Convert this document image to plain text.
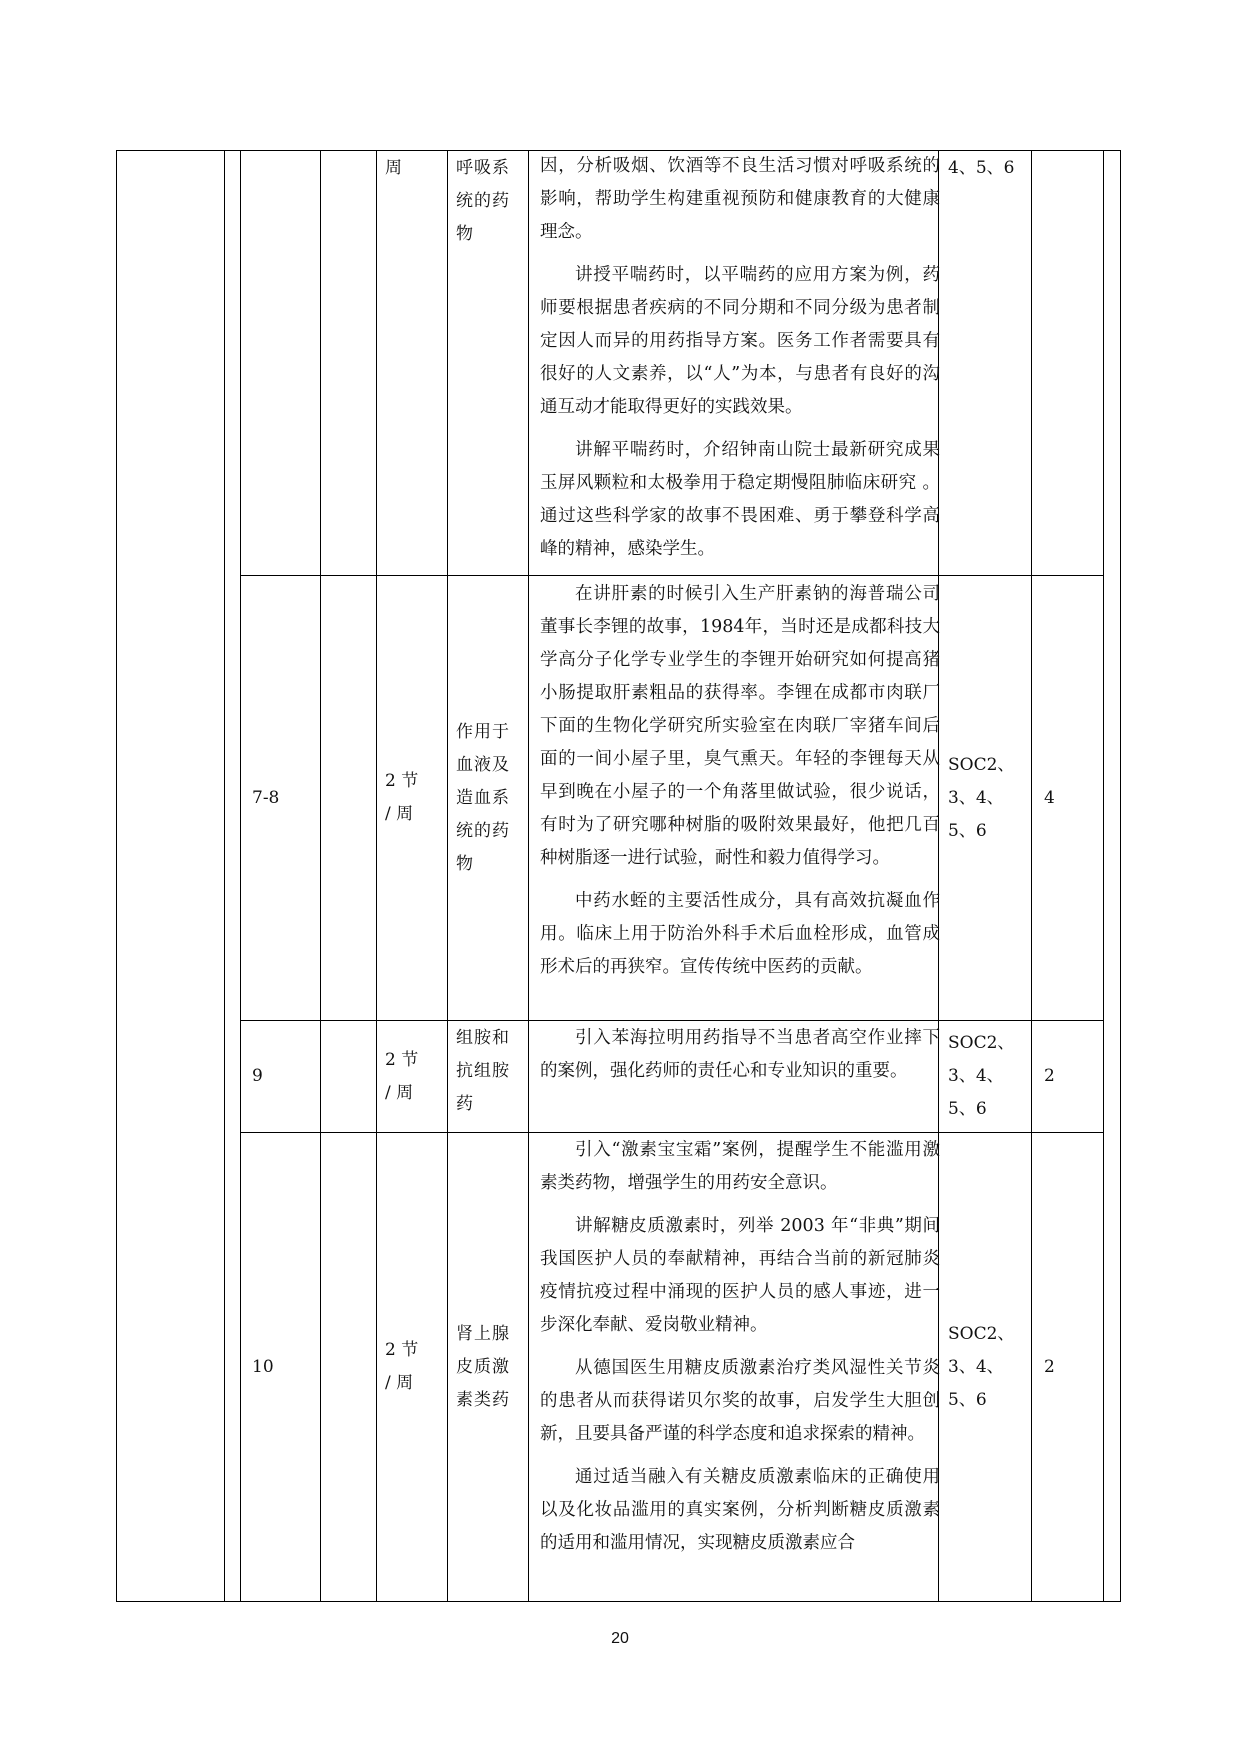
周	呼吸系统的药物

因，分析吸烟、饮酒等不良生活习惯对呼吸系统的影响，帮助学生构建重视预防和健康教育的大健康理念。

讲授平喘药时，以平喘药的应用方案为例，药师要根据患者疾病的不同分期和不同分级为患者制定因人而异的用药指导方案。医务工作者需要具有很好的人文素养，以“人”为本，与患者有良好的沟通互动才能取得更好的实践效果。

讲解平喘药时，介绍钟南山院士最新研究成果玉屏风颗粒和太极拳用于稳定期慢阻肺临床研究 。通过这些科学家的故事不畏困难、勇于攀登科学高峰的精神，感染学生。

4、5、6
7-8
2 节 / 周
作用于血液及造血系统的药物

在讲肝素的时候引入生产肝素钠的海普瑞公司董事长李锂的故事，1984年，当时还是成都科技大学高分子化学专业学生的李锂开始研究如何提高猪小肠提取肝素粗品的获得率。李锂在成都市肉联厂下面的生物化学研究所实验室在肉联厂宰猪车间后面的一间小屋子里，臭气熏天。年轻的李锂每天从早到晚在小屋子的一个角落里做试验，很少说话，有时为了研究哪种树脂的吸附效果最好，他把几百种树脂逐一进行试验，耐性和毅力值得学习。

中药水蛭的主要活性成分，具有高效抗凝血作用。临床上用于防治外科手术后血栓形成，血管成形术后的再狭窄。宣传传统中医药的贡献。

SOC2、3、4、5、6
4
9
2 节 / 周
组胺和抗组胺药

引入苯海拉明用药指导不当患者高空作业摔下的案例，强化药师的责任心和专业知识的重要。

SOC2、3、4、5、6
2
10
2 节 / 周
肾上腺皮质激素类药

引入“激素宝宝霜”案例，提醒学生不能滥用激素类药物，增强学生的用药安全意识。

讲解糖皮质激素时，列举 2003 年“非典”期间我国医护人员的奉献精神，再结合当前的新冠肺炎疫情抗疫过程中涌现的医护人员的感人事迹，进一步深化奉献、爱岗敬业精神。

从德国医生用糖皮质激素治疗类风湿性关节炎的患者从而获得诺贝尔奖的故事，启发学生大胆创新，且要具备严谨的科学态度和追求探索的精神。

通过适当融入有关糖皮质激素临床的正确使用以及化妆品滥用的真实案例，分析判断糖皮质激素的适用和滥用情况，实现糖皮质激素应合

SOC2、3、4、5、6
2
20
